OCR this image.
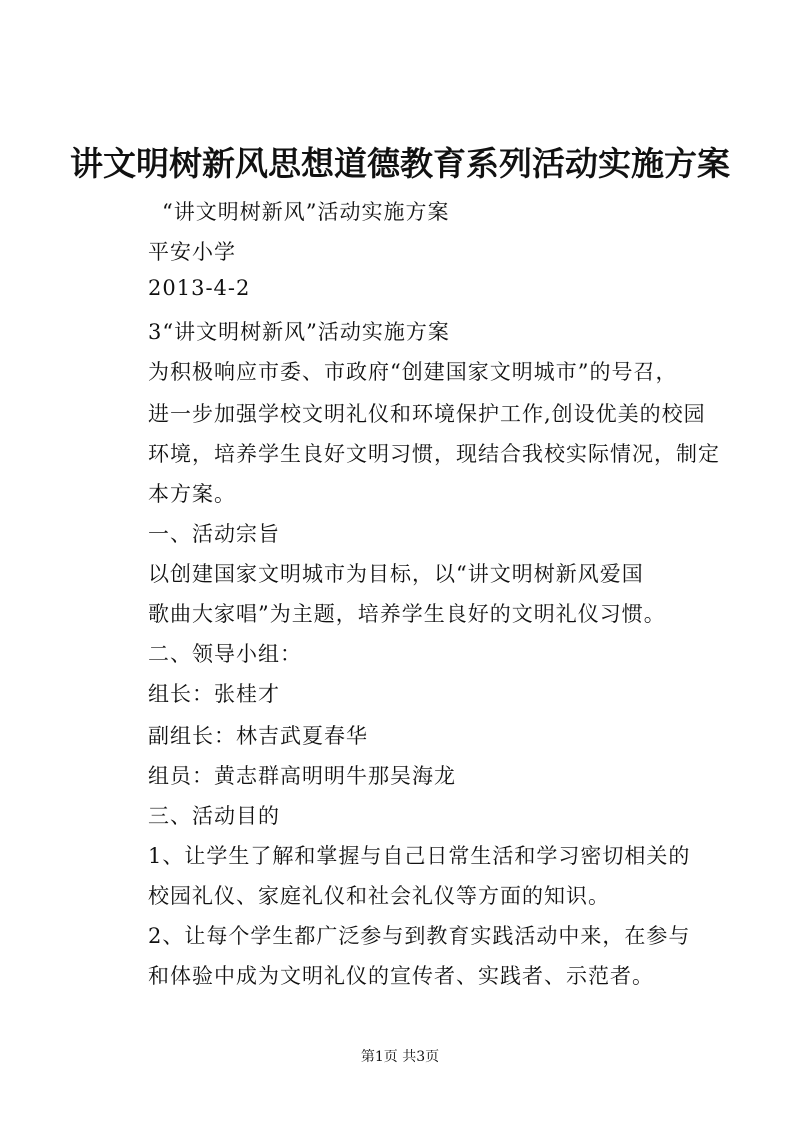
讲文明树新风思想道德教育系列活动实施方案
“讲文明树新风”活动实施方案
平安小学
2013-4-2
3“讲文明树新风”活动实施方案
为积极响应市委、市政府“创建国家文明城市”的号召，
进一步加强学校文明礼仪和环境保护工作,创设优美的校园
环境，培养学生良好文明习惯，现结合我校实际情况，制定
本方案。
一、活动宗旨
以创建国家文明城市为目标，以“讲文明树新风爱国
歌曲大家唱”为主题，培养学生良好的文明礼仪习惯。
二、领导小组：
组长：张桂才
副组长：林吉武夏春华
组员：黄志群高明明牛那吴海龙
三、活动目的
1、让学生了解和掌握与自己日常生活和学习密切相关的
校园礼仪、家庭礼仪和社会礼仪等方面的知识。
2、让每个学生都广泛参与到教育实践活动中来，在参与
和体验中成为文明礼仪的宣传者、实践者、示范者。
第1页 共3页
